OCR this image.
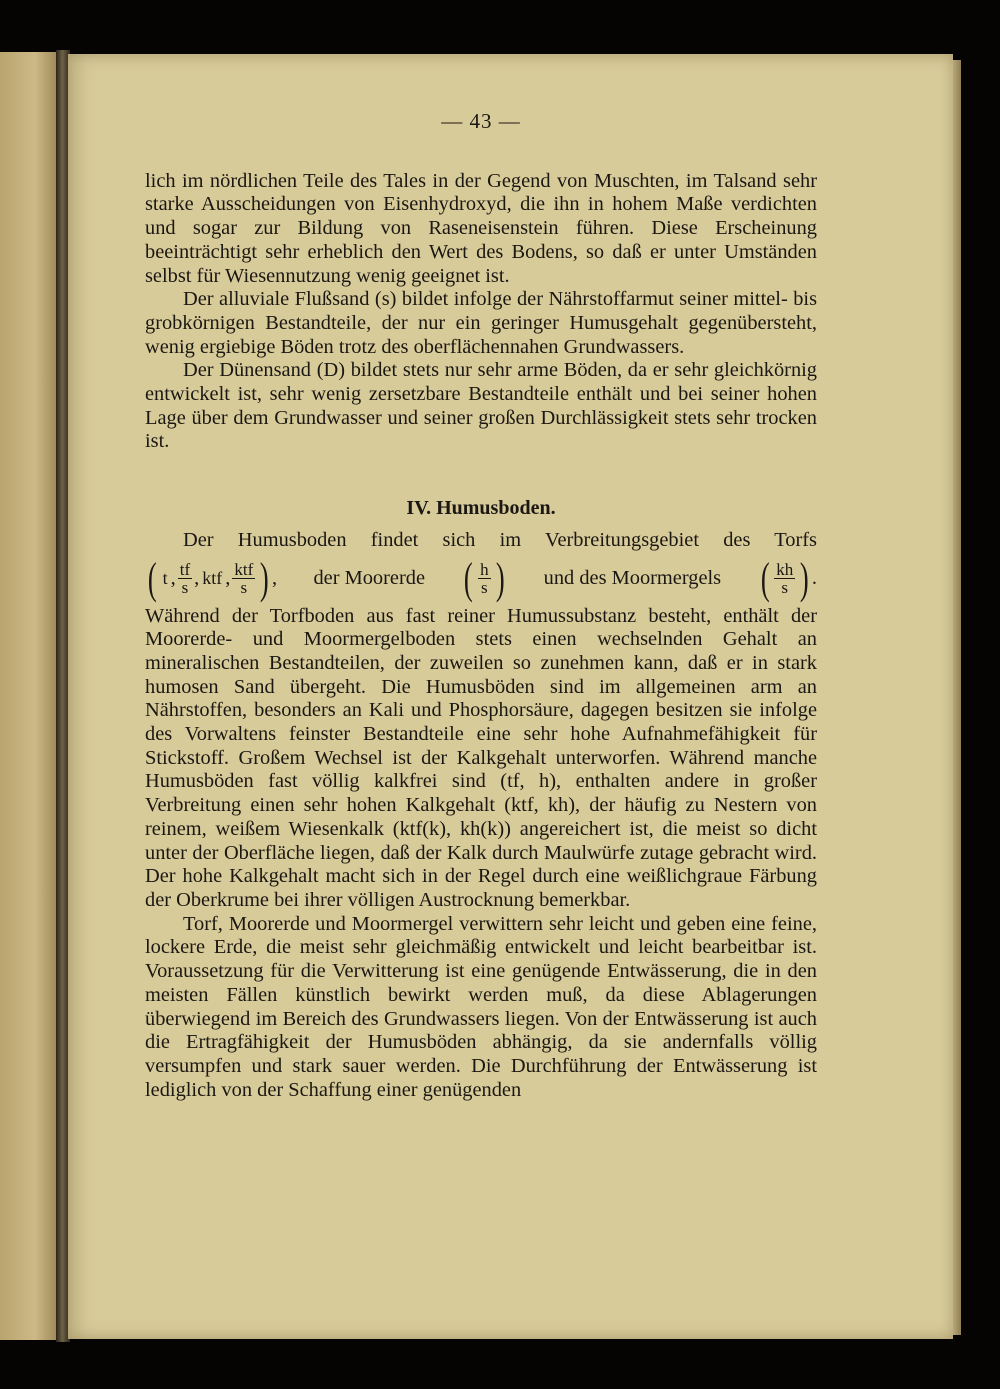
— 43 —

lich im nördlichen Teile des Tales in der Gegend von Muschten, im Talsand sehr starke Ausscheidungen von Eisenhydroxyd, die ihn in hohem Maße verdichten und sogar zur Bildung von Raseneisenstein führen. Diese Erscheinung beeinträchtigt sehr erheblich den Wert des Bodens, so daß er unter Umständen selbst für Wiesennutzung wenig geeignet ist.

Der alluviale Flußsand (s) bildet infolge der Nährstoffarmut seiner mittel- bis grobkörnigen Bestandteile, der nur ein geringer Humusgehalt gegenübersteht, wenig ergiebige Böden trotz des oberflächennahen Grundwassers.

Der Dünensand (D) bildet stets nur sehr arme Böden, da er sehr gleichkörnig entwickelt ist, sehr wenig zersetzbare Bestandteile enthält und bei seiner hohen Lage über dem Grundwasser und seiner großen Durchlässigkeit stets sehr trocken ist.

IV. Humusboden.

Der Humusboden findet sich im Verbreitungsgebiet des Torfs

( t , $\frac{tf}{s}$ , ktf , $\frac{\text{ktf}}{s}$ ) , der Moorerde ( $\frac{h}{s}$ ) und des Moormergels ( $\frac{kh}{s}$ ) .

Während der Torfboden aus fast reiner Humussubstanz besteht, enthält der Moorerde- und Moormergelboden stets einen wechselnden Gehalt an mineralischen Bestandteilen, der zuweilen so zunehmen kann, daß er in stark humosen Sand übergeht. Die Humusböden sind im allgemeinen arm an Nährstoffen, besonders an Kali und Phosphorsäure, dagegen besitzen sie infolge des Vorwaltens feinster Bestandteile eine sehr hohe Aufnahmefähigkeit für Stickstoff. Großem Wechsel ist der Kalkgehalt unterworfen. Während manche Humusböden fast völlig kalkfrei sind (tf, h), enthalten andere in großer Verbreitung einen sehr hohen Kalkgehalt (ktf, kh), der häufig zu Nestern von reinem, weißem Wiesenkalk (ktf(k), kh(k)) angereichert ist, die meist so dicht unter der Oberfläche liegen, daß der Kalk durch Maulwürfe zutage gebracht wird. Der hohe Kalkgehalt macht sich in der Regel durch eine weißlichgraue Färbung der Oberkrume bei ihrer völligen Austrocknung bemerkbar.

Torf, Moorerde und Moormergel verwittern sehr leicht und geben eine feine, lockere Erde, die meist sehr gleichmäßig entwickelt und leicht bearbeitbar ist. Voraussetzung für die Verwitterung ist eine genügende Entwässerung, die in den meisten Fällen künstlich bewirkt werden muß, da diese Ablagerungen überwiegend im Bereich des Grundwassers liegen. Von der Entwässerung ist auch die Ertragfähigkeit der Humusböden abhängig, da sie andernfalls völlig versumpfen und stark sauer werden. Die Durchführung der Entwässerung ist lediglich von der Schaffung einer genügenden
